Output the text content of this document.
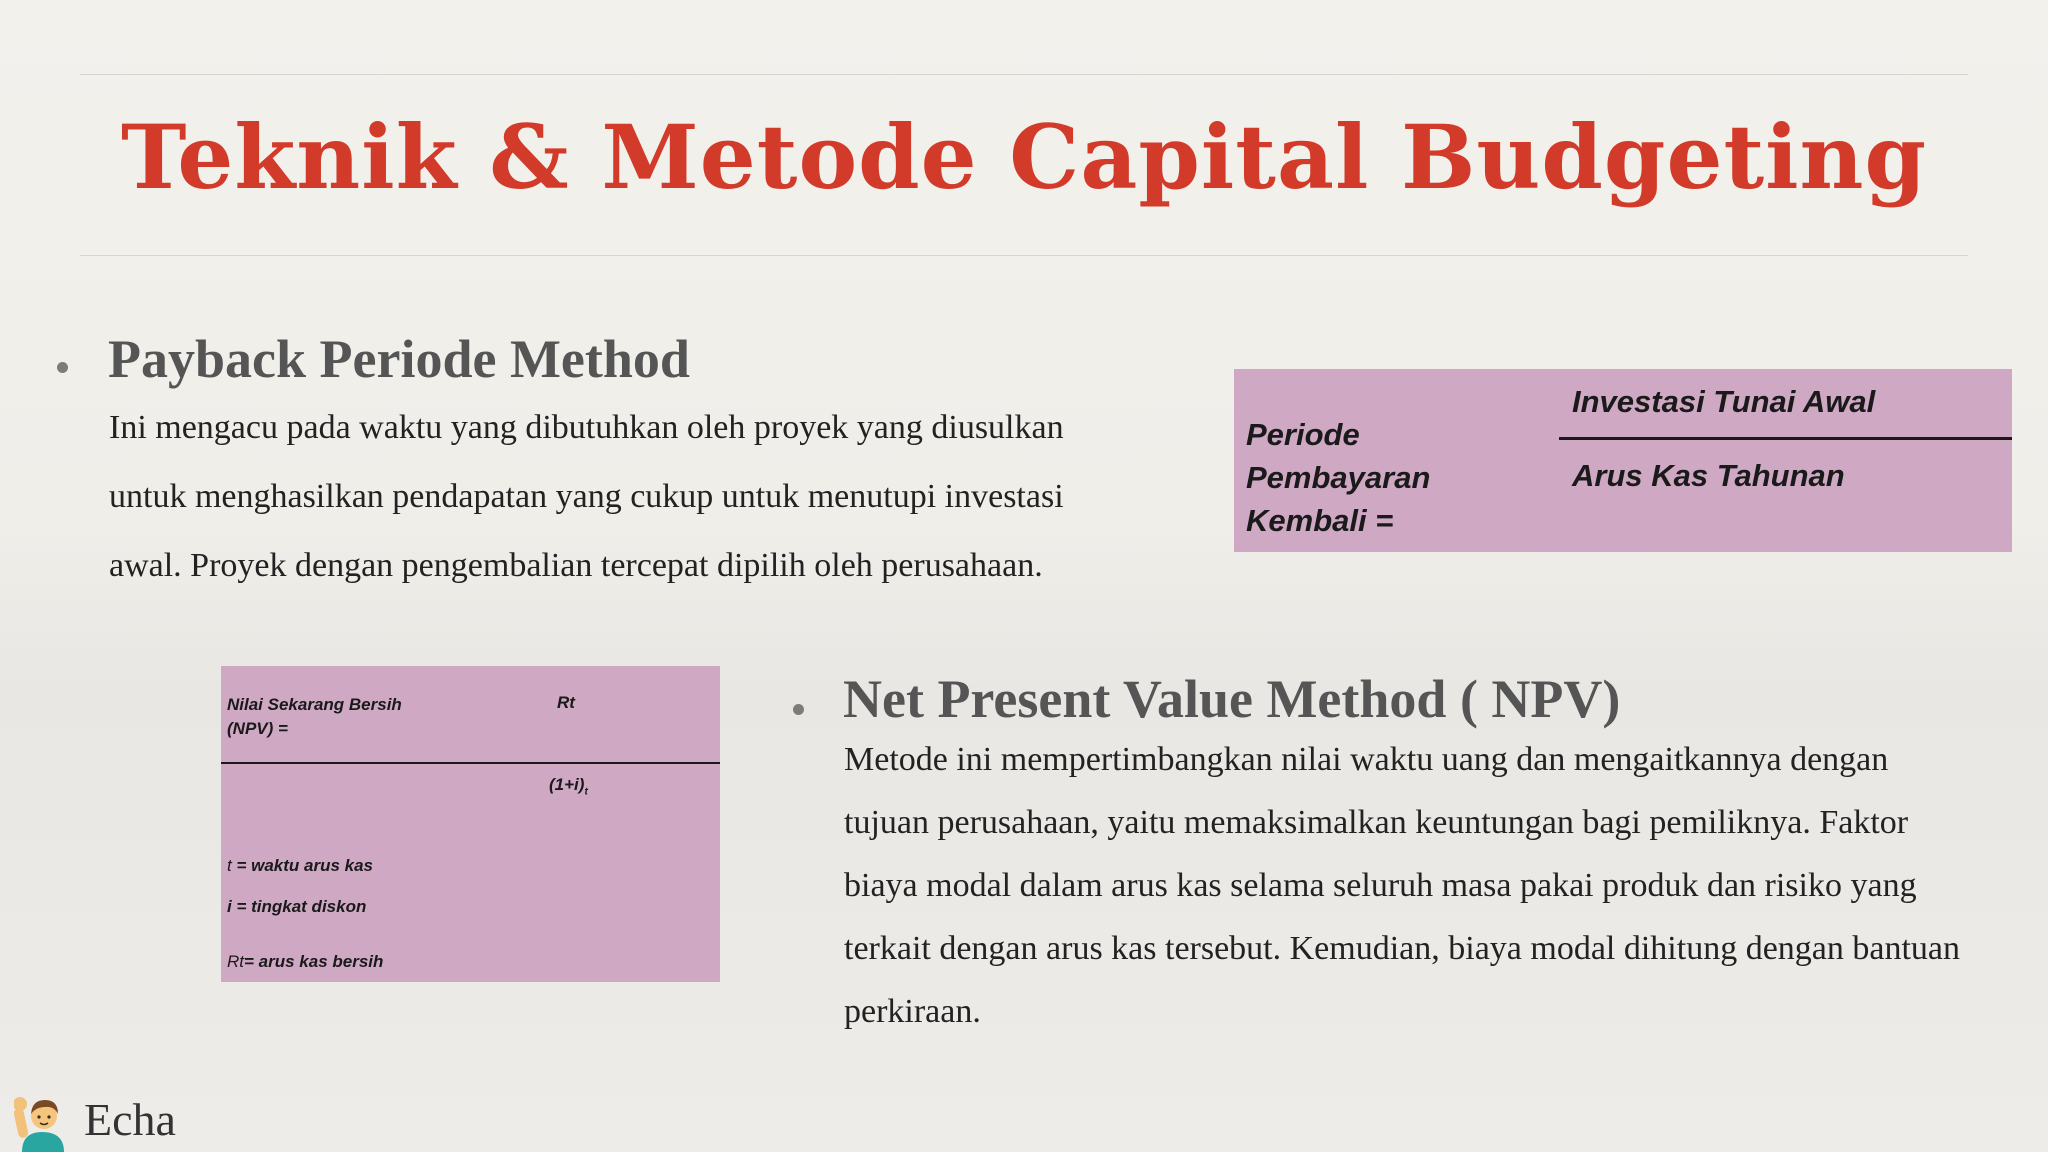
Teknik & Metode Capital Budgeting
Payback Periode Method

Ini mengacu pada waktu yang dibutuhkan oleh proyek yang diusulkan
untuk menghasilkan pendapatan yang cukup untuk menutupi investasi
awal. Proyek dengan pengembalian tercepat dipilih oleh perusahaan.

Periode
Pembayaran
Kembali =
Investasi Tunai Awal
Arus Kas Tahunan
Nilai Sekarang Bersih
(NPV) =
Rt
$(1+i)_t$
t = waktu arus kas
i = tingkat diskon
Rt= arus kas bersih
Net Present Value Method ( NPV)

Metode ini mempertimbangkan nilai waktu uang dan mengaitkannya dengan
tujuan perusahaan, yaitu memaksimalkan keuntungan bagi pemiliknya. Faktor
biaya modal dalam arus kas selama seluruh masa pakai produk dan risiko yang
terkait dengan arus kas tersebut. Kemudian, biaya modal dihitung dengan bantuan
perkiraan.

Echa
